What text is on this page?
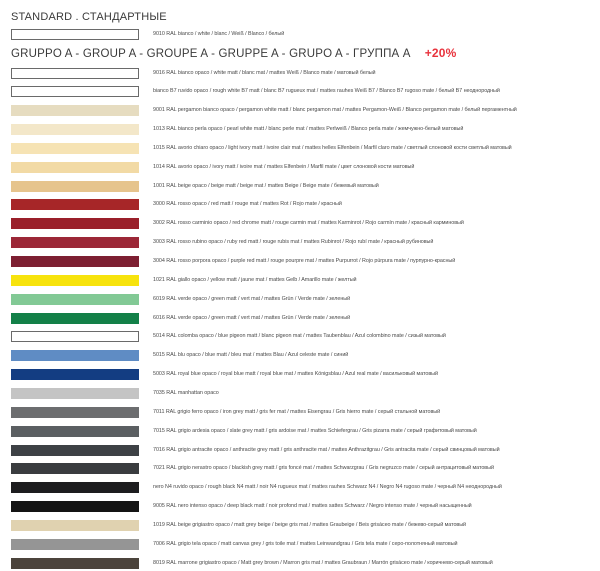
STANDARD . СТАНДАРТНЫЕ
9010 RAL bianco / white / blanc / Weiß / Blanco / белый
GRUPPO A - GROUP A - GROUPE A - GRUPPE A - GRUPO A - ГРУППА А +20%
9016 RAL bianco opaco / white matt / blanc mat / mattes Weiß / Blanco mate / матовый белый
bianco B7 ruvido opaco / rough white B7 matt / blanc B7 rugueux mat / mattes rauhes Weiß B7 / Blanco B7 rugoso mate / белый В7 неоднородный
9001 RAL pergamon bianco opaco / pergamon white matt / blanc pergamon mat / mattes Pergamon-Weiß / Blanco pergamon mate / белый пергаментный
1013 RAL bianco perla opaco / pearl white matt / blanc perle mat / mattes Perlweiß / Blanco perla mate / жемчужно-белый матовый
1015 RAL avorio chiaro opaco / light ivory matt / ivoire clair mat / mattes helles Elfenbein / Marfil claro mate / светлый слоновой кости светлый матовый
1014 RAL avorio opaco / ivory matt / ivoire mat / mattes Elfenbein / Marfil mate / цвет слоновой кости матовый
1001 RAL beige opaco / beige matt / beige mat / mattes Beige / Beige mate / бежевый матовый
3000 RAL rosso opaco / red matt / rouge mat / mattes Rot / Rojo mate / красный
3002 RAL rosso carminio opaco / red chrome matt / rouge carmin mat / mattes Karminrot / Rojo carmín mate / красный карминовый
3003 RAL rosso rubino opaco / ruby red matt / rouge rubis mat / mattes Rubinrot / Rojo rubí mate / красный рубиновый
3004 RAL rosso porpora opaco / purple red matt / rouge pourpre mat / mattes Purpurrot / Rojo púrpura mate / пурпурно-красный
1021 RAL giallo opaco / yellow matt / jaune mat / mattes Gelb / Amarillo mate / желтый
6019 RAL verde opaco / green matt / vert mat / mattes Grün / Verde mate / зеленый
6016 RAL verde opaco / green matt / vert mat / mattes Grün / Verde mate / зеленый
5014 RAL colomba opaco / blue pigeon matt / blanc pigeon mat / mattes Taubenblau / Azul colombino mate / сизый матовый
5015 RAL blu opaco / blue matt / bleu mat / mattes Blau / Azul celeste mate / синий
5003 RAL royal blue opaco / royal blue matt / royal blue mat / mattes Königsblau / Azul real mate / васильковый матовый
7035 RAL manhattan opaco
7011 RAL grigio ferro opaco / iron grey matt / gris fer mat / mattes Eisengrau / Gris hierro mate / серый стальной матовый
7015 RAL grigio ardesia opaco / slate grey matt / gris ardoise mat / mattes Schiefergrau / Gris pizarra mate / серый графитовый матовый
7016 RAL grigio antracite opaco / anthracite grey matt / gris anthracite mat / mattes Anthrazitgrau / Gris antracita mate / серый свинцовый матовый
7021 RAL grigio nerastro opaco / blackish grey matt / gris foncé mat / mattes Schwarzgrau / Gris negruzco mate / серый антрацитовый матовый
nero N4 ruvido opaco / rough black N4 matt / noir N4 rugueux mat / mattes rauhes Schwarz N4 / Negro N4 rugoso mate / черный N4 неоднородный
9005 RAL nero intenso opaco / deep black matt / noir profond mat / mattes sattes Schwarz / Negro intenso mate / черный насыщенный
1019 RAL beige grigiastro opaco / matt grey beige / beige gris mat / mattes Graubeige / Beis grisáceo mate / бежево-серый матовый
7006 RAL grigio tela opaco / matt canvas grey / gris toile mat / mattes Leinwandgrau / Gris tela mate / серо-полотняный матовый
8019 RAL marrone grigiastro opaco / Matt grey brown / Marron gris mat / mattes Graubraun / Marrón grisáceo mate / коричнево-серый матовый
